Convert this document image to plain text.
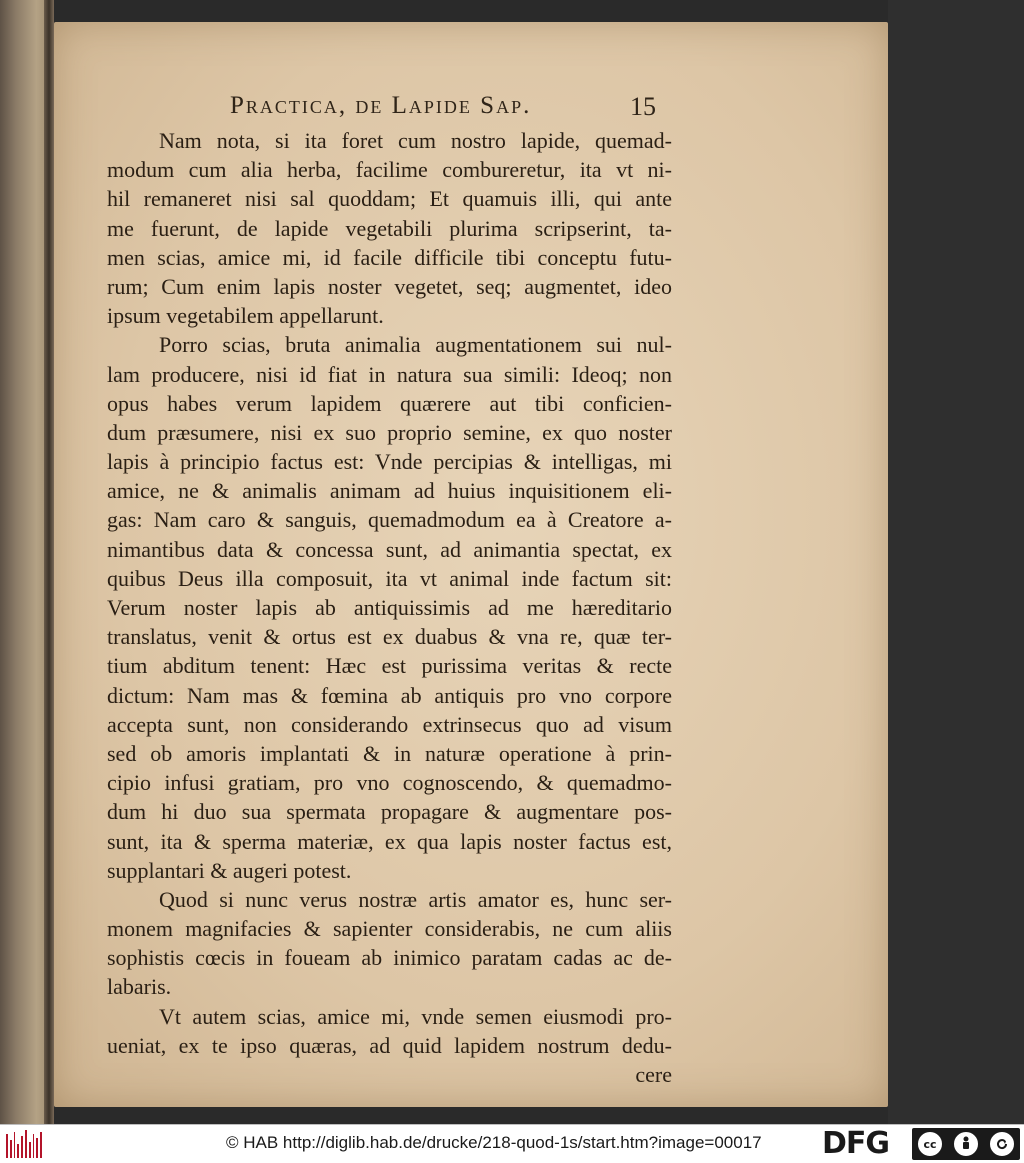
Practica, de Lapide Sap.	15
Nam nota, si ita foret cum nostro lapide, quemad-
modum cum alia herba, facilime combureretur, ita vt ni-
hil remaneret nisi sal quoddam; Et quamuis illi, qui ante
me fuerunt, de lapide vegetabili plurima scripserint, ta-
men scias, amice mi, id facile difficile tibi conceptu futu-
rum; Cum enim lapis noster vegetet, seq; augmentet, ideo
ipsum vegetabilem appellarunt.
Porro scias, bruta animalia augmentationem sui nul-
lam producere, nisi id fiat in natura sua simili: Ideoq; non
opus habes verum lapidem quærere aut tibi conficien-
dum præsumere, nisi ex suo proprio semine, ex quo noster
lapis à principio factus est: Vnde percipias & intelligas, mi
amice, ne & animalis animam ad huius inquisitionem eli-
gas: Nam caro & sanguis, quemadmodum ea à Creatore a-
nimantibus data & concessa sunt, ad animantia spectat, ex
quibus Deus illa composuit, ita vt animal inde factum sit:
Verum noster lapis ab antiquissimis ad me hæreditario
translatus, venit & ortus est ex duabus & vna re, quæ ter-
tium abditum tenent: Hæc est purissima veritas & recte
dictum: Nam mas & fœmina ab antiquis pro vno corpore
accepta sunt, non considerando extrinsecus quo ad visum
sed ob amoris implantati & in naturæ operatione à prin-
cipio infusi gratiam, pro vno cognoscendo, & quemadmo-
dum hi duo sua spermata propagare & augmentare pos-
sunt, ita & sperma materiæ, ex qua lapis noster factus est,
supplantari & augeri potest.
Quod si nunc verus nostræ artis amator es, hunc ser-
monem magnifacies & sapienter considerabis, ne cum aliis
sophistis cœcis in foueam ab inimico paratam cadas ac de-
labaris.
Vt autem scias, amice mi, vnde semen eiusmodi pro-
ueniat, ex te ipso quæras, ad quid lapidem nostrum dedu-
cere
© HAB http://diglib.hab.de/drucke/218-quod-1s/start.htm?image=00017 DFG	cc
